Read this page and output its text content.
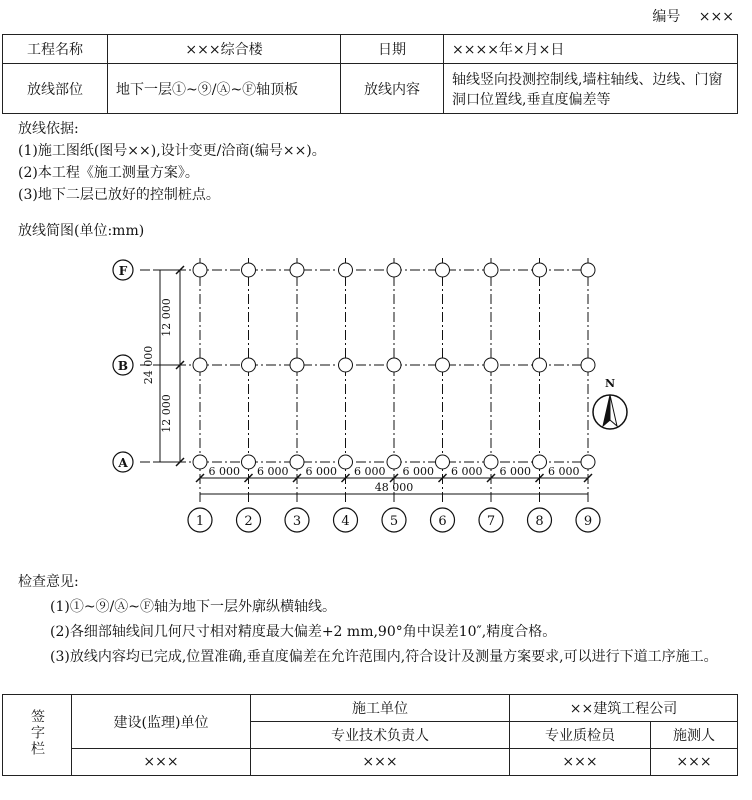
编号 ×××
工程名称	×××综合楼	日期	××××年×月×日
放线部位	地下一层①~⑨/Ⓐ~Ⓕ轴顶板	放线内容	轴线竖向投测控制线,墙柱轴线、边线、门窗洞口位置线,垂直度偏差等
放线依据:
(1)施工图纸(图号××),设计变更/洽商(编号××)。
(2)本工程《施工测量方案》。
(3)地下二层已放好的控制桩点。
放线简图(单位:mm)
F
B
A
1	2	3	4	5	6	7	8	9
12 000
12 000
24 000
6 000 6 000 6 000 6 000 6 000 6 000 6 000 6 000
48 000
N

检查意见:

(1)①~⑨/Ⓐ~Ⓕ轴为地下一层外廓纵横轴线。

(2)各细部轴线间几何尺寸相对精度最大偏差+2 mm,90°角中误差10″,精度合格。

(3)放线内容均已完成,位置准确,垂直度偏差在允许范围内,符合设计及测量方案要求,可以进行下道工序施工。

签字栏	建设(监理)单位	施工单位	××建筑工程公司	
		专业技术负责人	专业质检员	施测人
	×××	×××	×××	×××
